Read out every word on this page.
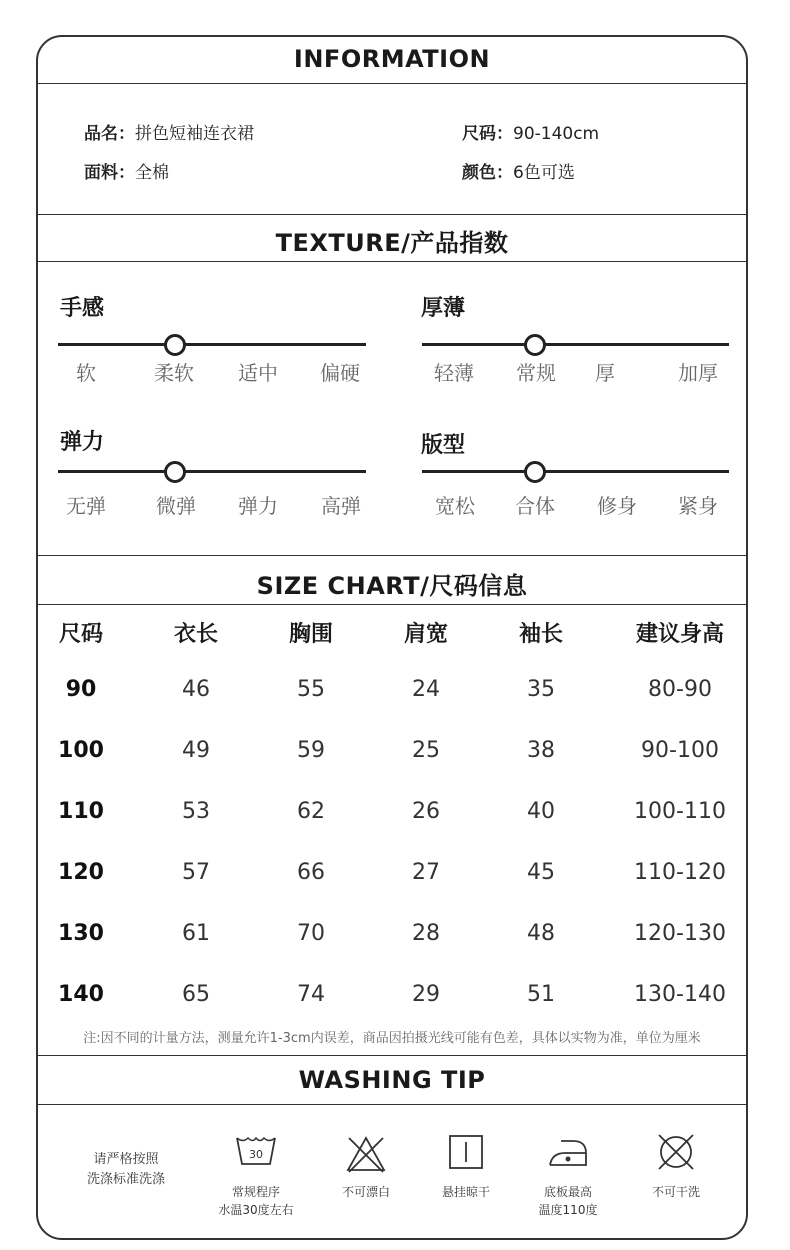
INFORMATION
品名：拼色短袖连衣裙	尺码：90-140cm
面料：全棉	颜色：6色可选
TEXTURE/产品指数
手感
软	柔软 适中 偏硬
厚薄
轻薄 常规 厚	加厚
弹力
无弹	微弹 弹力 高弹
版型
宽松 合体 修身 紧身
SIZE CHART/尺码信息
尺码	衣长	胸围	肩宽	袖长	建议身高
90	46	55	24	35	80-90
100	49	59	25	38	90-100
110	53	62	26	40	100-110
120	57	66	27	45	110-120
130	61	70	28	48	120-130
140	65	74	29	51	130-140
注:因不同的计量方法，测量允许1-3cm内误差，商品因拍摄光线可能有色差，具体以实物为准，单位为厘米
WASHING TIP
请严格按照
洗涤标准洗涤
30
常规程序
水温30度左右
不可漂白	悬挂晾干	底板最高
温度110度
不可干洗
